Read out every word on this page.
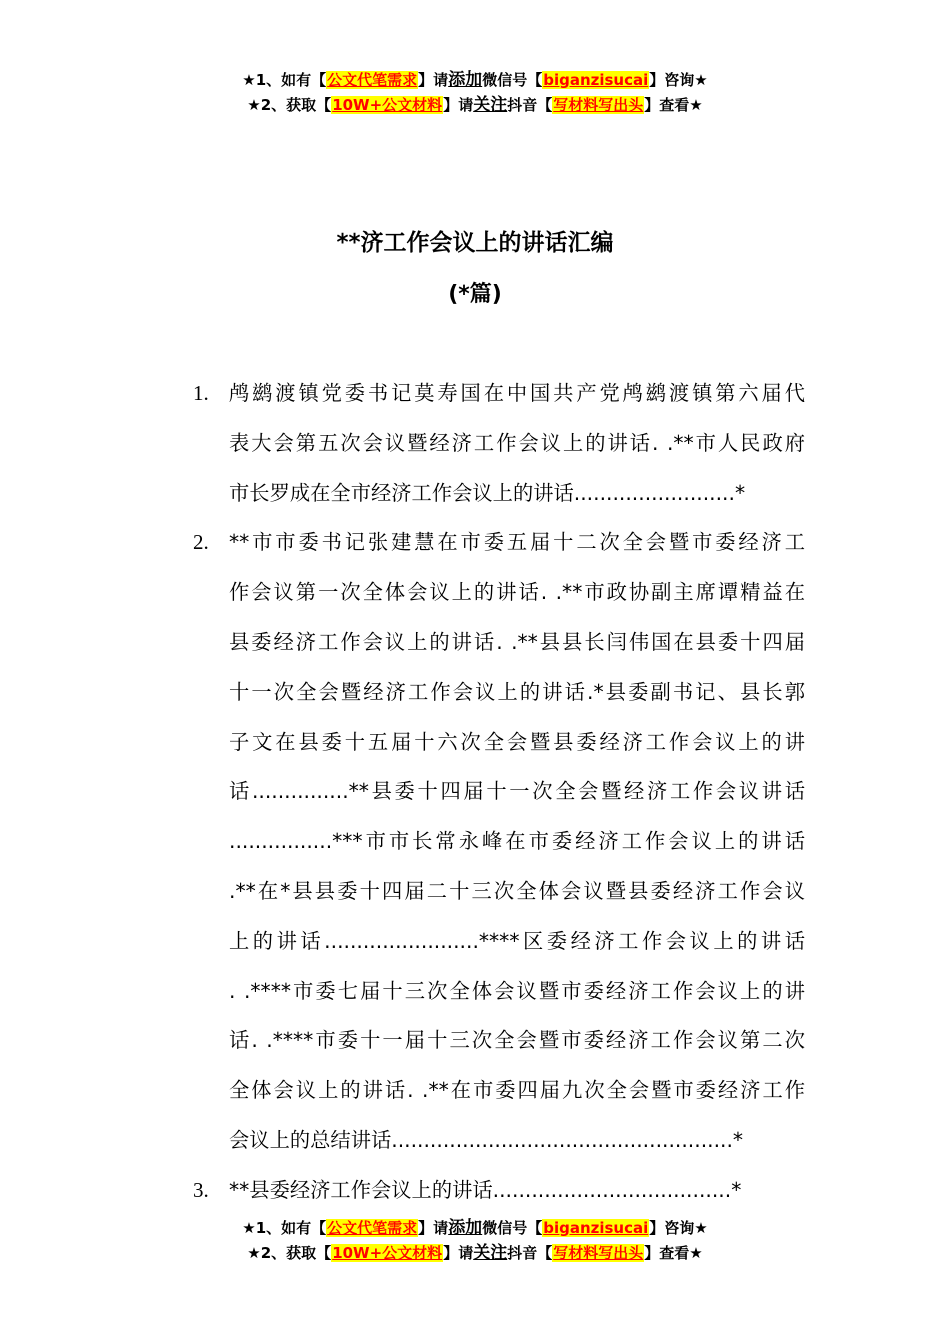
★1、如有【公文代笔需求】请添加微信号【biganzisucai】咨询★
★2、获取【10W+公文材料】请关注抖音【写材料写出头】查看★
**济工作会议上的讲话汇编
(*篇)
1. 鸬鹚渡镇党委书记莫寿国在中国共产党鸬鹚渡镇第六届代
表大会第五次会议暨经济工作会议上的讲话. .**市人民政府
市长罗成在全市经济工作会议上的讲话.........................*
2. **市市委书记张建慧在市委五届十二次全会暨市委经济工
作会议第一次全体会议上的讲话. .**市政协副主席谭精益在
县委经济工作会议上的讲话. .**县县长闫伟国在县委十四届
十一次全会暨经济工作会议上的讲话.*县委副书记、县长郭
子文在县委十五届十六次全会暨县委经济工作会议上的讲
话...............**县委十四届十一次全会暨经济工作会议讲话
................***市市长常永峰在市委经济工作会议上的讲话
.**在*县县委十四届二十三次全体会议暨县委经济工作会议
上的讲话........................****区委经济工作会议上的讲话
. .****市委七届十三次全体会议暨市委经济工作会议上的讲
话. .****市委十一届十三次全会暨市委经济工作会议第二次
全体会议上的讲话. .**在市委四届九次全会暨市委经济工作
会议上的总结讲话.....................................................*
3. **县委经济工作会议上的讲话.....................................*
★1、如有【公文代笔需求】请添加微信号【biganzisucai】咨询★
★2、获取【10W+公文材料】请关注抖音【写材料写出头】查看★
